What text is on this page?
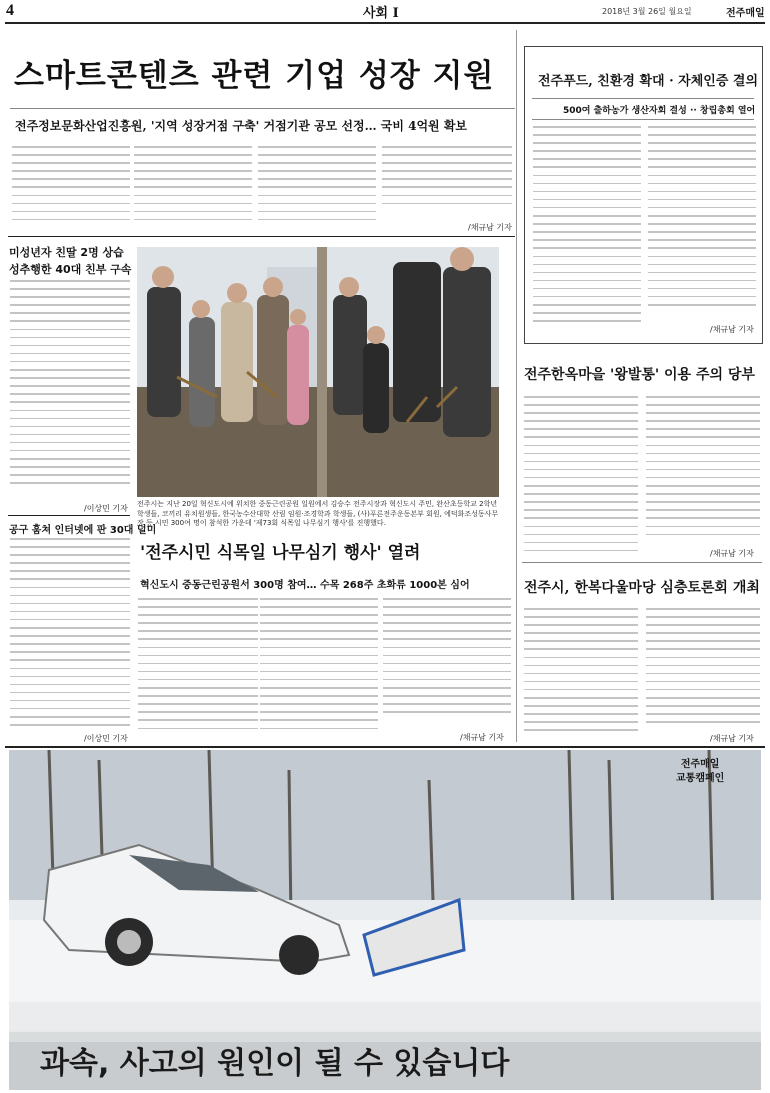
4	사회 I	2018년 3월 26일 월요일	전주매일
스마트콘텐츠 관련 기업 성장 지원
전주정보문화산업진흥원, '지역 성장거점 구축' 거점기관 공모 선정… 국비 4억원 확보
/채규남 기자
미성년자 친딸 2명 상습
성추행한 40대 친부 구속
/이상민 기자
공구 훔쳐 인터넷에 판 30대 덜미
/이상민 기자
전주시는 지난 20일 혁신도시에 위치한 중동근린공원 일원에서 김승수 전주시장과 혁신도시 주민, 완산초등학교 2학년 학생들, 코끼리 유치원생들, 한국농수산대학 산림 임원·조경학과 학생들, (사)푸른전주운동본부 회원, 에덕화조성동사무장 등 시민 300여 명이 참석한 가운데 '제73회 식목일 나무심기 행사'를 진행했다.
'전주시민 식목일 나무심기 행사' 열려
혁신도시 중동근린공원서 300명 참여… 수목 268주 초화류 1000본 심어
/채규남 기자
전주푸드, 친환경 확대 · 자체인증 결의
500여 출하농가 생산자회 결성 ·· 창립총회 열어
/채규남 기자
전주한옥마을 '왕발통' 이용 주의 당부
/채규남 기자
전주시, 한복다울마당 심층토론회 개최
/채규남 기자
전주매일
교통캠페인
과속, 사고의 원인이 될 수 있습니다
